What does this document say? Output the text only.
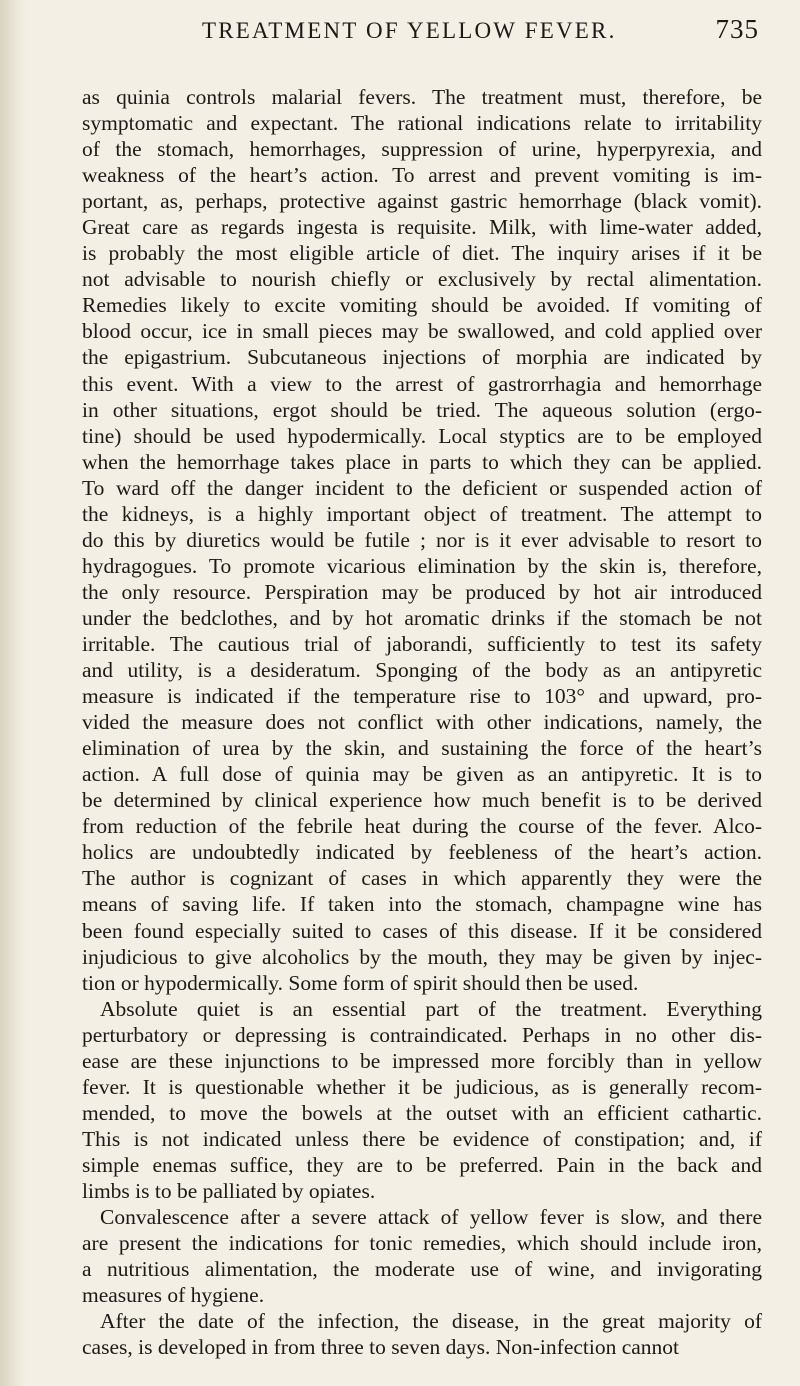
TREATMENT OF YELLOW FEVER.	735
as quinia controls malarial fevers. The treatment must, therefore, be
symptomatic and expectant. The rational indications relate to irritability
of the stomach, hemorrhages, suppression of urine, hyperpyrexia, and
weakness of the heart’s action. To arrest and prevent vomiting is im-
portant, as, perhaps, protective against gastric hemorrhage (black vomit).
Great care as regards ingesta is requisite. Milk, with lime-water added,
is probably the most eligible article of diet. The inquiry arises if it be
not advisable to nourish chiefly or exclusively by rectal alimentation.
Remedies likely to excite vomiting should be avoided. If vomiting of
blood occur, ice in small pieces may be swallowed, and cold applied over
the epigastrium. Subcutaneous injections of morphia are indicated by
this event. With a view to the arrest of gastrorrhagia and hemorrhage
in other situations, ergot should be tried. The aqueous solution (ergo-
tine) should be used hypodermically. Local styptics are to be employed
when the hemorrhage takes place in parts to which they can be applied.
To ward off the danger incident to the deficient or suspended action of
the kidneys, is a highly important object of treatment. The attempt to
do this by diuretics would be futile ; nor is it ever advisable to resort to
hydragogues. To promote vicarious elimination by the skin is, therefore,
the only resource. Perspiration may be produced by hot air introduced
under the bedclothes, and by hot aromatic drinks if the stomach be not
irritable. The cautious trial of jaborandi, sufficiently to test its safety
and utility, is a desideratum. Sponging of the body as an antipyretic
measure is indicated if the temperature rise to 103° and upward, pro-
vided the measure does not conflict with other indications, namely, the
elimination of urea by the skin, and sustaining the force of the heart’s
action. A full dose of quinia may be given as an antipyretic. It is to
be determined by clinical experience how much benefit is to be derived
from reduction of the febrile heat during the course of the fever. Alco-
holics are undoubtedly indicated by feebleness of the heart’s action.
The author is cognizant of cases in which apparently they were the
means of saving life. If taken into the stomach, champagne wine has
been found especially suited to cases of this disease. If it be considered
injudicious to give alcoholics by the mouth, they may be given by injec-
tion or hypodermically. Some form of spirit should then be used.
Absolute quiet is an essential part of the treatment. Everything
perturbatory or depressing is contraindicated. Perhaps in no other dis-
ease are these injunctions to be impressed more forcibly than in yellow
fever. It is questionable whether it be judicious, as is generally recom-
mended, to move the bowels at the outset with an efficient cathartic.
This is not indicated unless there be evidence of constipation; and, if
simple enemas suffice, they are to be preferred. Pain in the back and
limbs is to be palliated by opiates.
Convalescence after a severe attack of yellow fever is slow, and there
are present the indications for tonic remedies, which should include iron,
a nutritious alimentation, the moderate use of wine, and invigorating
measures of hygiene.
After the date of the infection, the disease, in the great majority of
cases, is developed in from three to seven days. Non-infection cannot
